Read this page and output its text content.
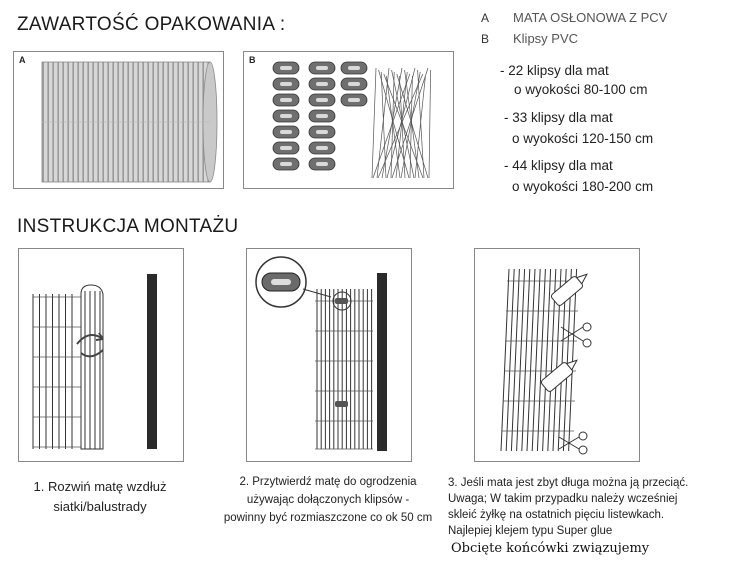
ZAWARTOŚĆ OPAKOWANIA :
A	B
A MATA OSŁONOWA Z PCV
B Klipsy PVC
- 22 klipsy dla mat
o wyokości 80-100 cm
- 33 klipsy dla mat
o wyokości 120-150 cm
- 44 klipsy dla mat
o wyokości 180-200 cm
INSTRUKCJA MONTAŻU
1. Rozwiń matę wzdłuż
siatki/balustrady
2. Przytwierdź matę do ogrodzenia
używając dołączonych klipsów -
powinny być rozmiaszczone co ok 50 cm
3. Jeśli mata jest zbyt długa można ją przeciąć.
Uwaga; W takim przypadku należy wcześniej
skleić żyłkę na ostatnich pięciu listewkach.
Najlepiej klejem typu Super glue
Obcięte końcówki związujemy
